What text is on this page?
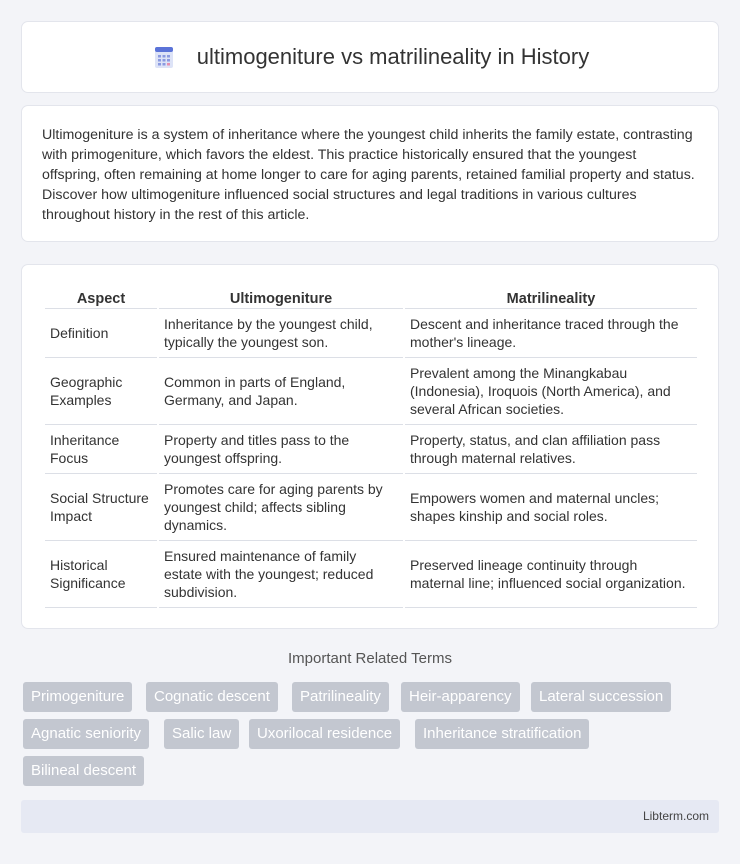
ultimogeniture vs matrilineality in History

Ultimogeniture is a system of inheritance where the youngest child inherits the family estate, contrasting with primogeniture, which favors the eldest. This practice historically ensured that the youngest offspring, often remaining at home longer to care for aging parents, retained familial property and status. Discover how ultimogeniture influenced social structures and legal traditions in various cultures throughout history in the rest of this article.

Aspect	Ultimogeniture	Matrilineality
Definition	Inheritance by the youngest child, typically the youngest son.	Descent and inheritance traced through the mother's lineage.
Geographic Examples	Common in parts of England, Germany, and Japan.	Prevalent among the Minangkabau (Indonesia), Iroquois (North America), and several African societies.
Inheritance Focus	Property and titles pass to the youngest offspring.	Property, status, and clan affiliation pass through maternal relatives.
Social Structure Impact	Promotes care for aging parents by youngest child; affects sibling dynamics.	Empowers women and maternal uncles; shapes kinship and social roles.
Historical Significance	Ensured maintenance of family estate with the youngest; reduced subdivision.	Preserved lineage continuity through maternal line; influenced social organization.
Important Related Terms
Primogeniture	Cognatic descent	Patrilineality	Heir-apparency	Lateral succession
Agnatic seniority	Salic law	Uxorilocal residence	Inheritance stratification
Bilineal descent
Libterm.com
